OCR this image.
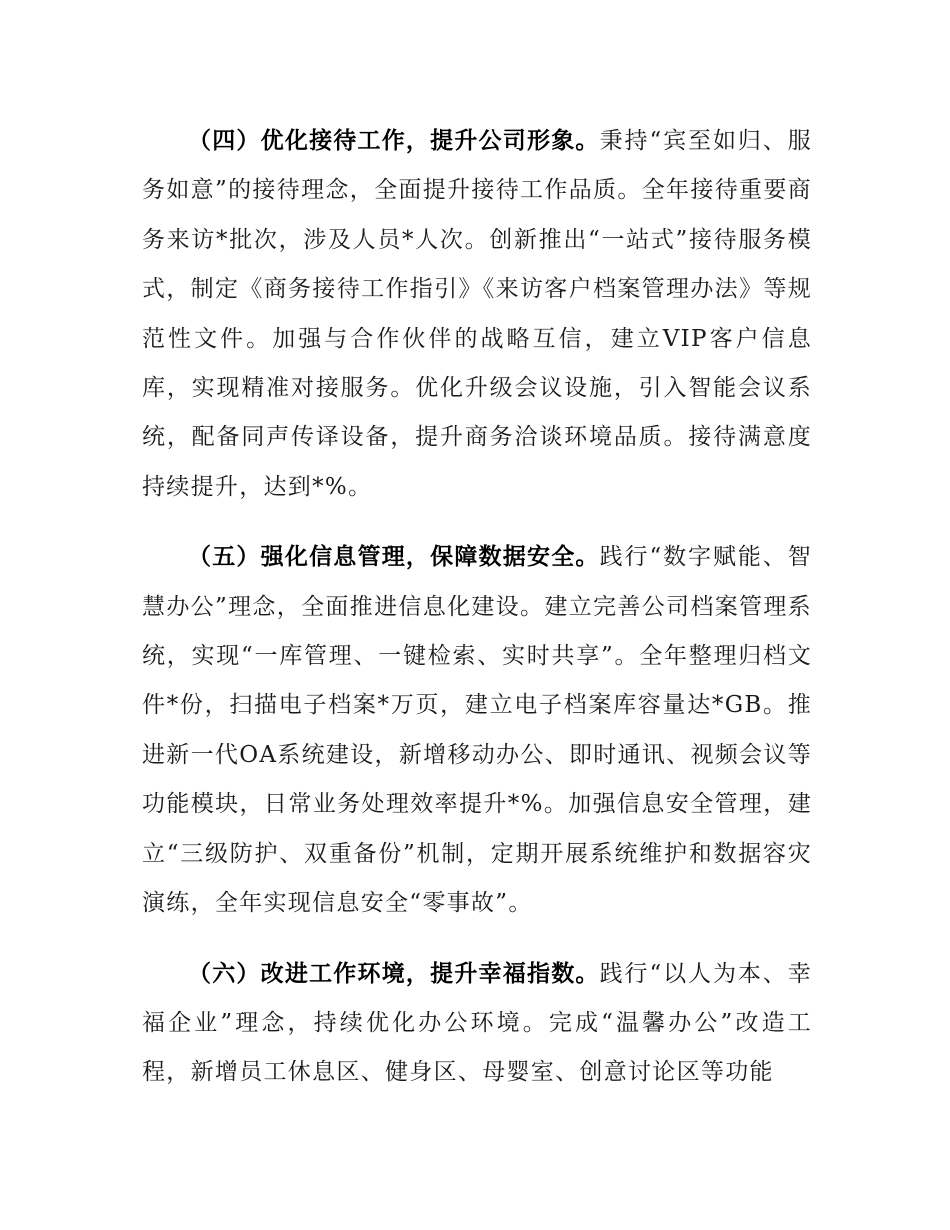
（四）优化接待工作，提升公司形象。秉持“宾至如归、服务如意”的接待理念，全面提升接待工作品质。全年接待重要商务来访*批次，涉及人员*人次。创新推出“一站式”接待服务模式，制定《商务接待工作指引》《来访客户档案管理办法》等规范性文件。加强与合作伙伴的战略互信，建立VIP客户信息库，实现精准对接服务。优化升级会议设施，引入智能会议系统，配备同声传译设备，提升商务洽谈环境品质。接待满意度持续提升，达到*%。

（五）强化信息管理，保障数据安全。践行“数字赋能、智慧办公”理念，全面推进信息化建设。建立完善公司档案管理系统，实现“一库管理、一键检索、实时共享”。全年整理归档文件*份，扫描电子档案*万页，建立电子档案库容量达*GB。推进新一代OA系统建设，新增移动办公、即时通讯、视频会议等功能模块，日常业务处理效率提升*%。加强信息安全管理，建立“三级防护、双重备份”机制，定期开展系统维护和数据容灾演练，全年实现信息安全“零事故”。

（六）改进工作环境，提升幸福指数。践行“以人为本、幸福企业”理念，持续优化办公环境。完成“温馨办公”改造工程，新增员工休息区、健身区、母婴室、创意讨论区等功能
